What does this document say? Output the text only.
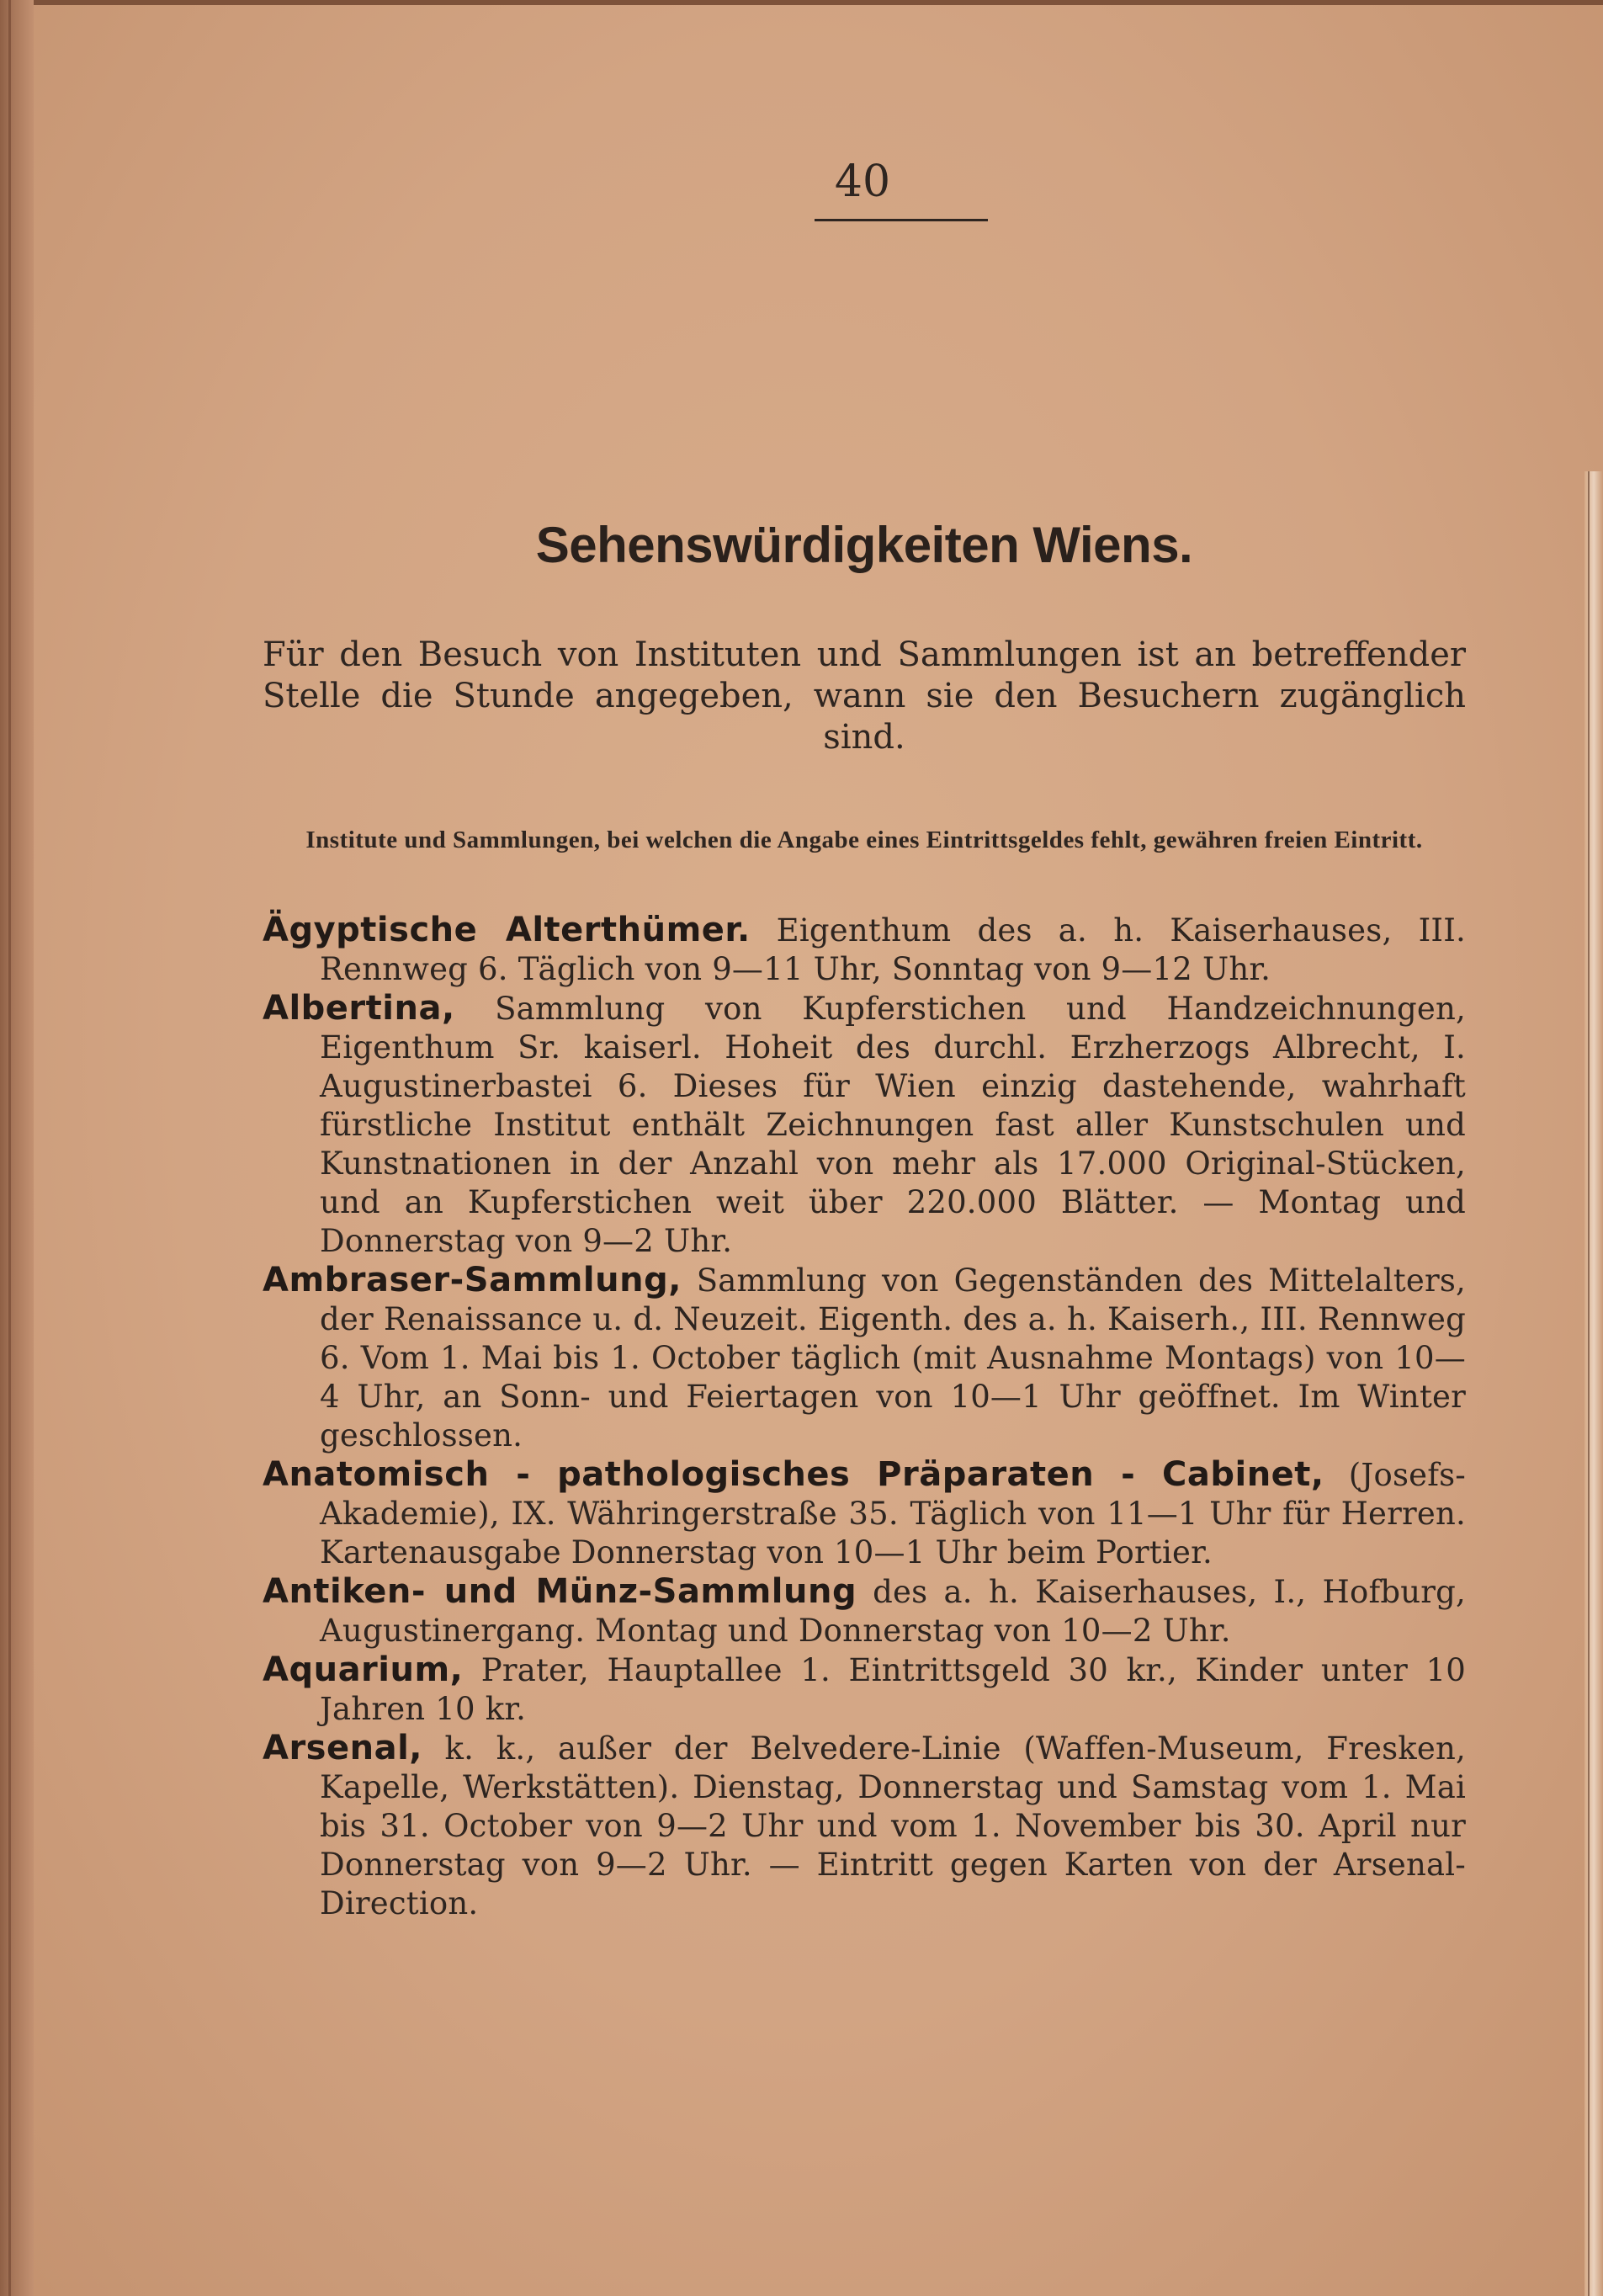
40
Sehenswürdigkeiten Wiens.
Für den Besuch von Instituten und Sammlungen ist an betreffender Stelle die Stunde angegeben, wann sie den Besuchern zugänglich sind.
Institute und Sammlungen, bei welchen die Angabe eines Eintrittsgeldes fehlt, gewähren freien Eintritt.
Ägyptische Alterthümer. Eigenthum des a. h. Kaiserhauses, III. Rennweg 6. Täglich von 9—11 Uhr, Sonntag von 9—12 Uhr.
Albertina, Sammlung von Kupferstichen und Handzeichnungen, Eigenthum Sr. kaiserl. Hoheit des durchl. Erzherzogs Albrecht, I. Augustinerbastei 6. Dieses für Wien einzig dastehende, wahrhaft fürstliche Institut enthält Zeichnungen fast aller Kunstschulen und Kunstnationen in der Anzahl von mehr als 17.000 Original-Stücken, und an Kupferstichen weit über 220.000 Blätter. — Montag und Donnerstag von 9—2 Uhr.
Ambraser-Sammlung, Sammlung von Gegenständen des Mittelalters, der Renaissance u. d. Neuzeit. Eigenth. des a. h. Kaiserh., III. Rennweg 6. Vom 1. Mai bis 1. October täglich (mit Ausnahme Montags) von 10—4 Uhr, an Sonn- und Feiertagen von 10—1 Uhr geöffnet. Im Winter geschlossen.
Anatomisch - pathologisches Präparaten - Cabinet, (Josefs-Akademie), IX. Währingerstraße 35. Täglich von 11—1 Uhr für Herren. Kartenausgabe Donnerstag von 10—1 Uhr beim Portier.
Antiken- und Münz-Sammlung des a. h. Kaiserhauses, I., Hofburg, Augustinergang. Montag und Donnerstag von 10—2 Uhr.
Aquarium, Prater, Hauptallee 1. Eintrittsgeld 30 kr., Kinder unter 10 Jahren 10 kr.
Arsenal, k. k., außer der Belvedere-Linie (Waffen-Museum, Fresken, Kapelle, Werkstätten). Dienstag, Donnerstag und Samstag vom 1. Mai bis 31. October von 9—2 Uhr und vom 1. November bis 30. April nur Donnerstag von 9—2 Uhr. — Eintritt gegen Karten von der Arsenal-Direction.
